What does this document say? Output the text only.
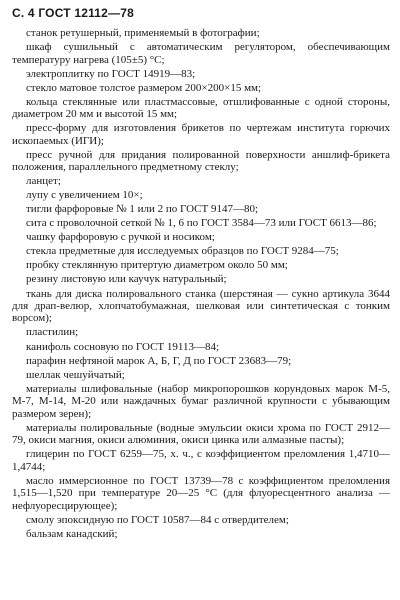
С. 4 ГОСТ 12112—78

станок ретушерный, применяемый в фотографии;

шкаф сушильный с автоматическим регулятором, обеспечивающим температуру нагрева (105±5) °С;

электроплитку по ГОСТ 14919—83;

стекло матовое толстое размером 200×200×15 мм;

кольца стеклянные или пластмассовые, отшлифованные с одной стороны, диаметром 20 мм и высотой 15 мм;

пресс-форму для изготовления брикетов по чертежам института горючих ископаемых (ИГИ);

пресс ручной для придания полированной поверхности аншлиф-брикета положения, параллельного предметному стеклу;

ланцет;

лупу с увеличением 10×;

тигли фарфоровые № 1 или 2 по ГОСТ 9147—80;

сита с проволочной сеткой № 1, 6 по ГОСТ 3584—73 или ГОСТ 6613—86;

чашку фарфоровую с ручкой и носиком;

стекла предметные для исследуемых образцов по ГОСТ 9284—75;

пробку стеклянную притертую диаметром около 50 мм;

резину листовую или каучук натуральный;

ткань для диска полировального станка (шерстяная — сукно артикула 3644 для драп-велюр, хлопчатобумажная, шелковая или синтетическая с тонким ворсом);

пластилин;

канифоль сосновую по ГОСТ 19113—84;

парафин нефтяной марок А, Б, Г, Д по ГОСТ 23683—79;

шеллак чешуйчатый;

материалы шлифовальные (набор микропорошков корундовых марок М-5, М-7, М-14, М-20 или наждачных бумаг различной крупности с убывающим размером зерен);

материалы полировальные (водные эмульсии окиси хрома по ГОСТ 2912—79, окиси магния, окиси алюминия, окиси цинка или алмазные пасты);

глицерин по ГОСТ 6259—75, х. ч., с коэффициентом преломления 1,4710—1,4744;

масло иммерсионное по ГОСТ 13739—78 с коэффициентом преломления 1,515—1,520 при температуре 20—25 °С (для флуоресцентного анализа — нефлуоресцирующее);

смолу эпоксидную по ГОСТ 10587—84 с отвердителем;

бальзам канадский;
